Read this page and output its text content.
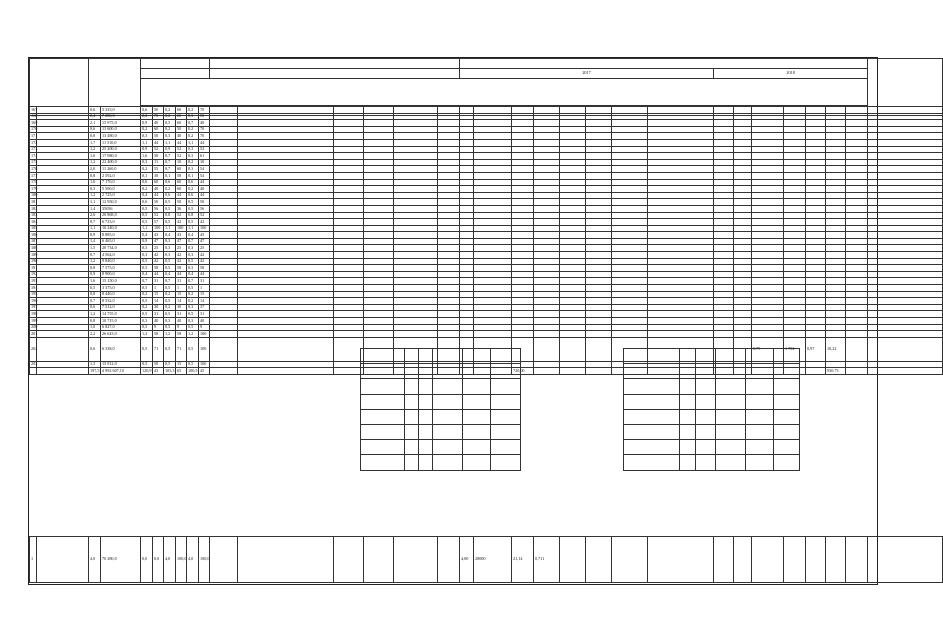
				2017	2018	

167		0,6	5 335,0	0,6	50	0,2	60	0,2	70																						
168		0,4	7 280,0	0,2	70	0,2	60	0,3	50																						
169		2,1	15 975,0	0,9	40	0,5	60	0,7	40																						
170		0,6	13 600,0	0,2	60	0,2	50	0,2	70																						
171		0,8	13 480,0	0,3	50	0,3	40	0,2	70																						
172		1,7	11 510,0	1,1	44	1,1	44	1,1	44																						
173		1,2	25 200,0	0,9	52	0,9	52	0,3	52																						
174		1,6	17 080,0	1,6	30	0,7	52	0,3	61																						
175		1,2	22 400,0	0,3	11	0,7	10	0,2	10																						
176		2,0	11 260,0	0,2	55	0,7	60	0,3	54																						
177		0,8	2 592,0	0,1	30	0,1	58	0,1	54																						
178		1,6	7 170,0	0,6	60	0,6	60	0,6	44																						
179		0,3	5 500,0	0,2	40	0,2	60	0,2	40																						
180		1,2	2 725,0	0,4	44	0,6	44	0,6	44																						
181		1,1	12 950,0	0,6	50	0,5	50	0,5	50																						
182		1,4	35056	0,5	56	0,5	36	0,5	56																						
183		2,6	20 868,0	0,5	52	0,8	52	0,8	52																						
184		0,7	6 733,0	0,5	57	0,5	42	0,5	42																						
185		1,1	16 240,0	1,1	100	1,1	100	1,1	100																						
186		0,9	8 885,0	0,4	43	0,4	43	0,4	43																						
187		1,4	6 465,0	0,9	47	0,3	47	0,7	47																						
188		1,5	20 734,0	0,3	25	0,3	25	0,3	25																						
189		0,7	4 564,0	0,3	42	0,3	42	0,3	42																						
190		1,2	9 840,0	0,5	42	0,5	42	0,5	42																						
191		0,8	7 575,0	0,5	58	0,5	58	0,3	58																						
192		0,9	8 900,0	0,4	44	0,4	44	0,4	44																						
193		1,6	15 150,0	0,7	31	0,7	31	0,7	31																						
194		0,5	3 375,0	0,5	1	0,5	1	0,5	1																						
195		0,8	8 440,0	0,2	15	0,2	15	0,2	15																						
196		0,7	8 532,0	0,5	14	0,5	14	0,2	14																						
197		0,6	7 512,0	0,2	30	0,2	30	0,3	37																						
198		1,2	14 755,0	0,5	31	0,5	31	0,5	31																						
199		0,8	10 715,0	0,3	40	0,3	40	0,3	40																						
200		1,0	6 827,0	0,5	9	0,5	9	0,5	9																						
201		2,2	26 643,0	1,2	58	1,2	58	1,2	100																						
202		0,6	6 338,0	0,5	71	0,5	71	0,5	100																	0,75	1 702	0,97	10,22		
203		1,3	15 912,0	0,5	50	0,5	15	0,5	100																						
		197,5	4 992 607,10	120,9	43	105,3	65	100,5	45									720,00											930,73		

1		4,0	70 280,0	0,0	0,0	4,0	100,0	4,0	100,0							4,00	28000	21,14	0,711												
